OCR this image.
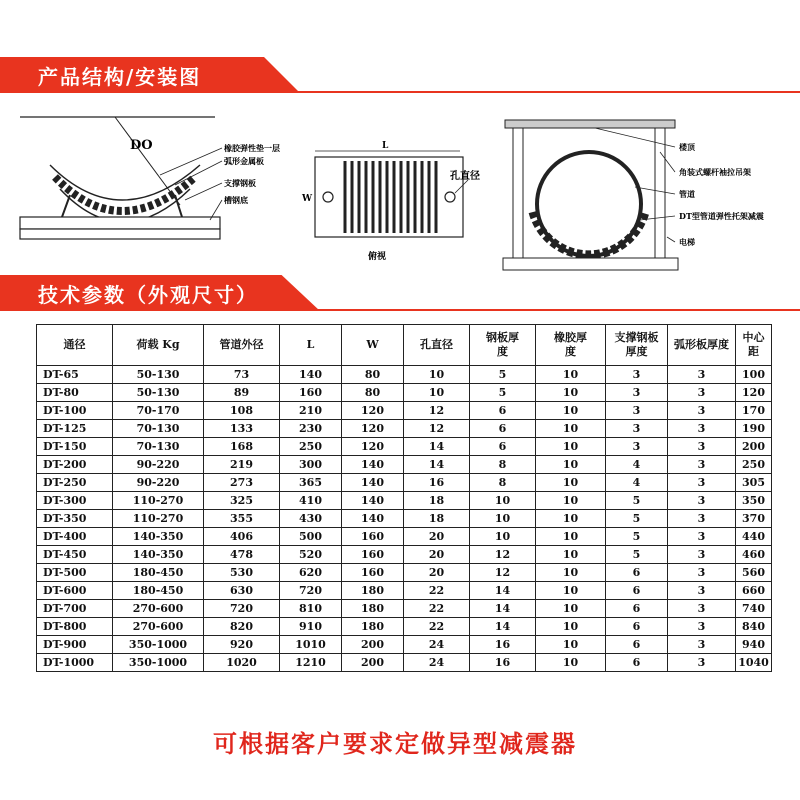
产品结构/安装图
DO	橡胶弹性垫一层
弧形金属板
支撑钢板
槽钢底
L
W
孔直径
俯视
楼顶
角装式螺杆袖拉吊架
管道
DT型管道弹性托架减震
电梯
技术参数（外观尺寸）
通径	荷载 Kg	管道外径	L	W	孔直径	钢板厚度	橡胶厚度	支撑钢板厚度	弧形板厚度	中心距
DT-65	50-130	73	140	80	10	5	10	3	3	100
DT-80	50-130	89	160	80	10	5	10	3	3	120
DT-100	70-170	108	210	120	12	6	10	3	3	170
DT-125	70-130	133	230	120	12	6	10	3	3	190
DT-150	70-130	168	250	120	14	6	10	3	3	200
DT-200	90-220	219	300	140	14	8	10	4	3	250
DT-250	90-220	273	365	140	16	8	10	4	3	305
DT-300	110-270	325	410	140	18	10	10	5	3	350
DT-350	110-270	355	430	140	18	10	10	5	3	370
DT-400	140-350	406	500	160	20	10	10	5	3	440
DT-450	140-350	478	520	160	20	12	10	5	3	460
DT-500	180-450	530	620	160	20	12	10	6	3	560
DT-600	180-450	630	720	180	22	14	10	6	3	660
DT-700	270-600	720	810	180	22	14	10	6	3	740
DT-800	270-600	820	910	180	22	14	10	6	3	840
DT-900	350-1000	920	1010	200	24	16	10	6	3	940
DT-1000	350-1000	1020	1210	200	24	16	10	6	3	1040
可根据客户要求定做异型减震器
